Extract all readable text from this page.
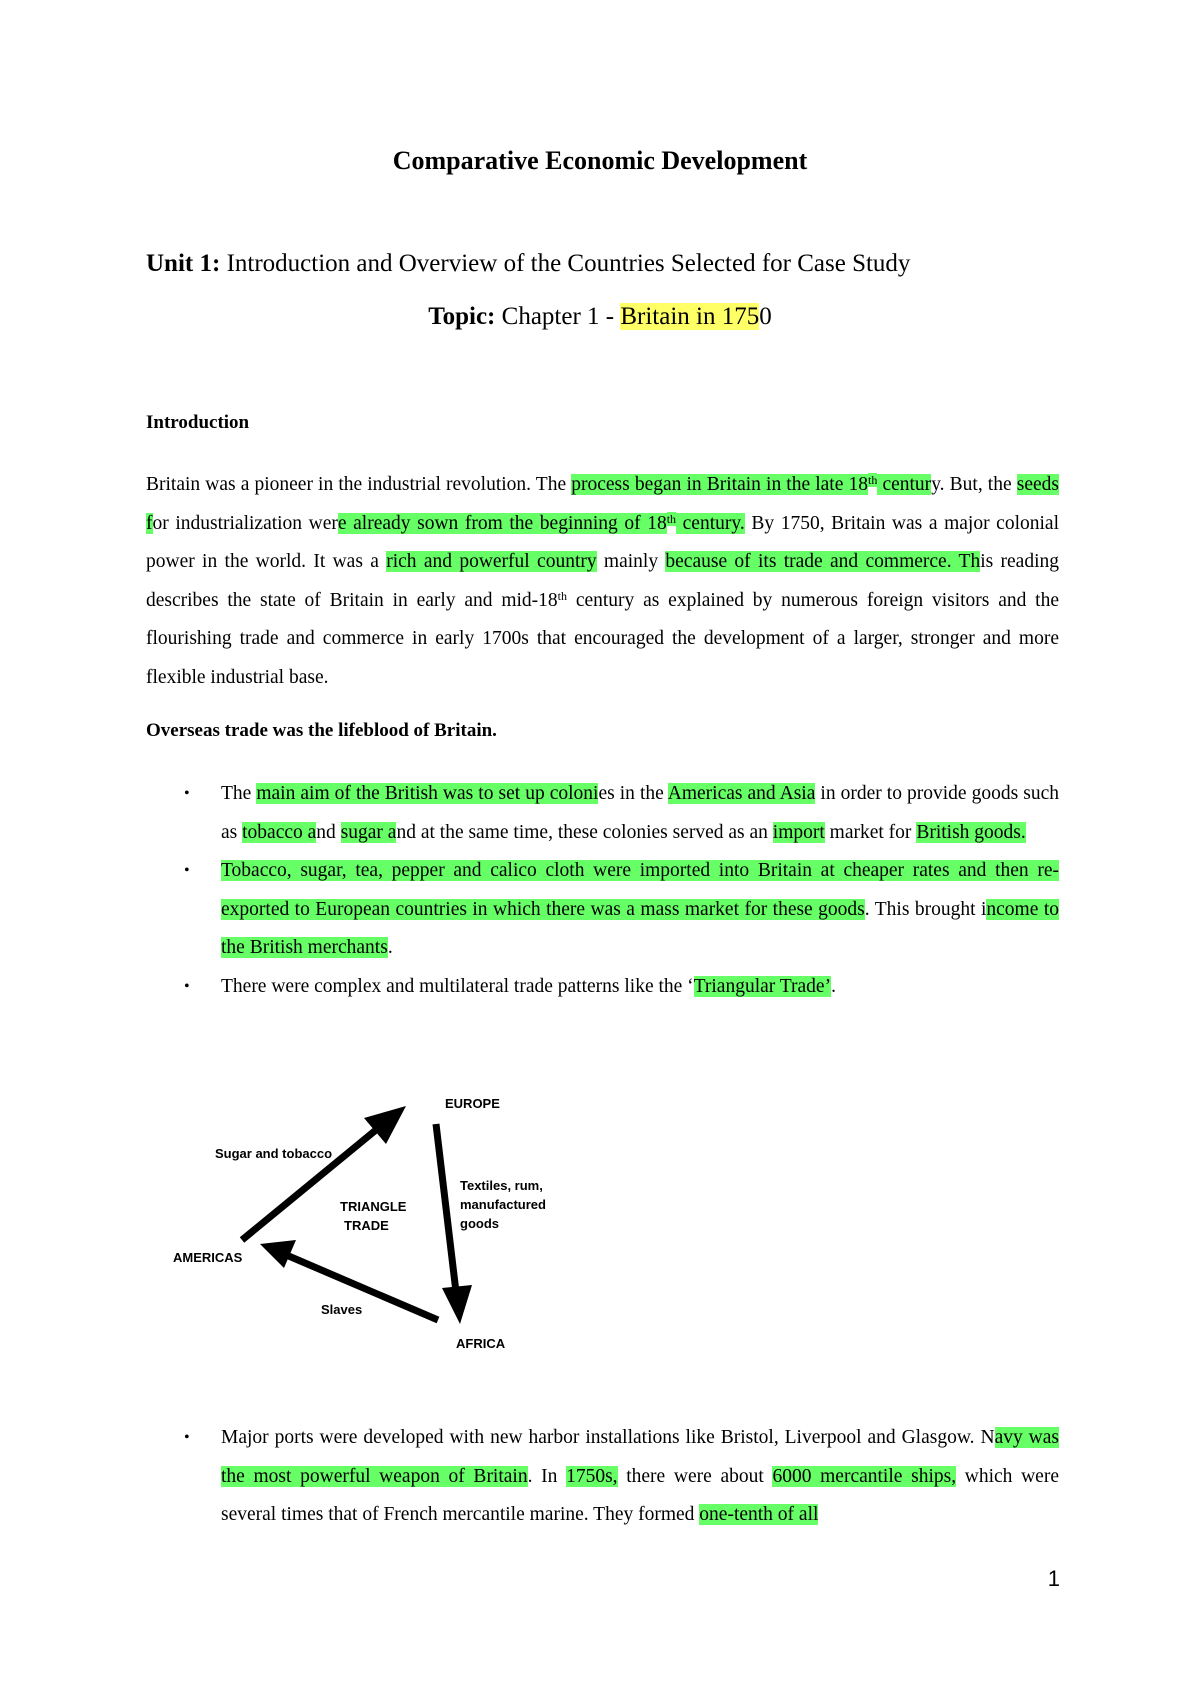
Comparative Economic Development

Unit 1: Introduction and Overview of the Countries Selected for Case Study

Topic: Chapter 1 - Britain in 1750

Introduction

Britain was a pioneer in the industrial revolution. The process began in Britain in the late 18th century. But, the seeds for industrialization were already sown from the beginning of 18th century. By 1750, Britain was a major colonial power in the world. It was a rich and powerful country mainly because of its trade and commerce. This reading describes the state of Britain in early and mid-18th century as explained by numerous foreign visitors and the flourishing trade and commerce in early 1700s that encouraged the development of a larger, stronger and more flexible industrial base.

Overseas trade was the lifeblood of Britain.

• The main aim of the British was to set up colonies in the Americas and Asia in order to provide goods such as tobacco and sugar and at the same time, these colonies served as an import market for British goods.
• Tobacco, sugar, tea, pepper and calico cloth were imported into Britain at cheaper rates and then re-exported to European countries in which there was a mass market for these goods. This brought income to the British merchants.
• There were complex and multilateral trade patterns like the ‘Triangular Trade’.
EUROPE
AFRICA
AMERICAS
TRIANGLE
TRADE
Sugar and tobacco
Textiles, rum,
manufactured
goods
Slaves
• Major ports were developed with new harbor installations like Bristol, Liverpool and Glasgow. Navy was the most powerful weapon of Britain. In 1750s, there were about 6000 mercantile ships, which were several times that of French mercantile marine. They formed one-tenth of all

1
